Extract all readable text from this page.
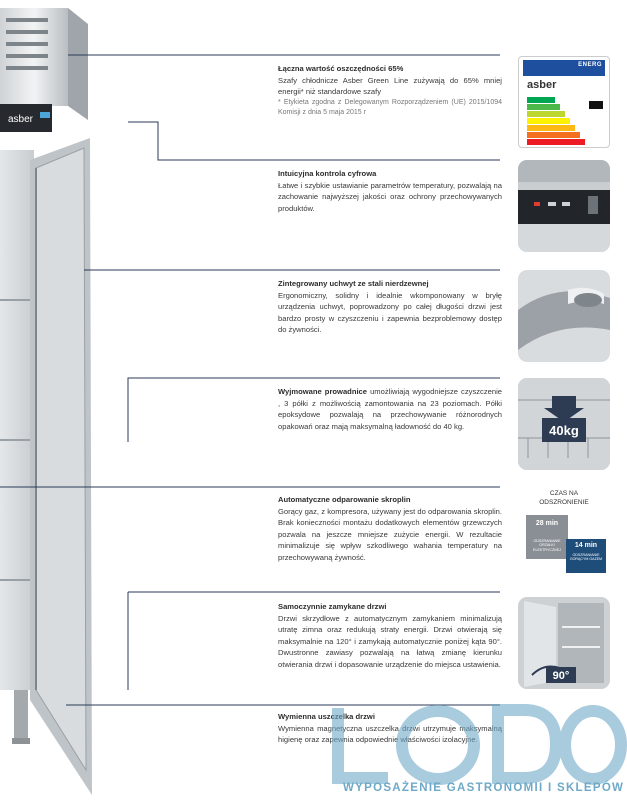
asber
Łączna wartość oszczędności 65%
Szafy chłodnicze Asber Green Line zużywają do 65% mniej energii* niż standardowe szafy
* Etykieta zgodna z Delegowanym Rozporządzeniem (UE) 2015/1094 Komisji z dnia 5 maja 2015 r
Intuicyjna kontrola cyfrowa
Łatwe i szybkie ustawianie parametrów temperatury, pozwalają na zachowanie najwyższej jakości oraz ochrony przechowywanych produktów.
Zintegrowany uchwyt ze stali nierdzewnej
Ergonomiczny, solidny i idealnie wkomponowany w bryłę urządzenia uchwyt, poprowadzony po całej długości drzwi jest bardzo prosty w czyszczeniu i zapewnia bezproblemowy dostęp do żywności.
Wyjmowane prowadnice umożliwiają wygodniejsze czyszczenie , 3 półki z możliwością zamontowania na 23 poziomach. Półki epoksydowe pozwalają na przechowywanie różnorodnych opakowań oraz mają maksymalną ładowność do 40 kg.
Automatyczne odparowanie skroplin
Gorący gaz, z kompresora, używany jest do odparowania skroplin. Brak konieczności montażu dodatkowych elementów grzewczych pozwala na jeszcze mniejsze zużycie energii. W rezultacie minimalizuje się wpływ szkodliwego wahania temperatury na przechowywaną żywność.
Samoczynnie zamykane drzwi
Drzwi skrzydłowe z automatycznym zamykaniem minimalizują utratę zimna oraz redukują straty energii. Drzwi otwierają się maksymalnie na 120° i zamykają automatycznie poniżej kąta 90°. Dwustronne zawiasy pozwalają na łatwą zmianę kierunku otwierania drzwi i dopasowanie urządzenie do miejsca ustawienia.
Wymienna uszczelka drzwi
Wymienna magnetyczna uszczelka drzwi utrzymuje maksymalną higienę oraz zapewnia odpowiednie właściwości izolacyjne.
ENERG
asber
40kg
CZAS NA
ODSZRONIENIE
28 min
ODSZRANIANIE GRZAŁKI ELEKTRYCZNEJ
14 min
ODSZRANIANIE GORĄCYM GAZEM
90°
WYPOSAŻENIE GASTRONOMII I SKLEPÓW
